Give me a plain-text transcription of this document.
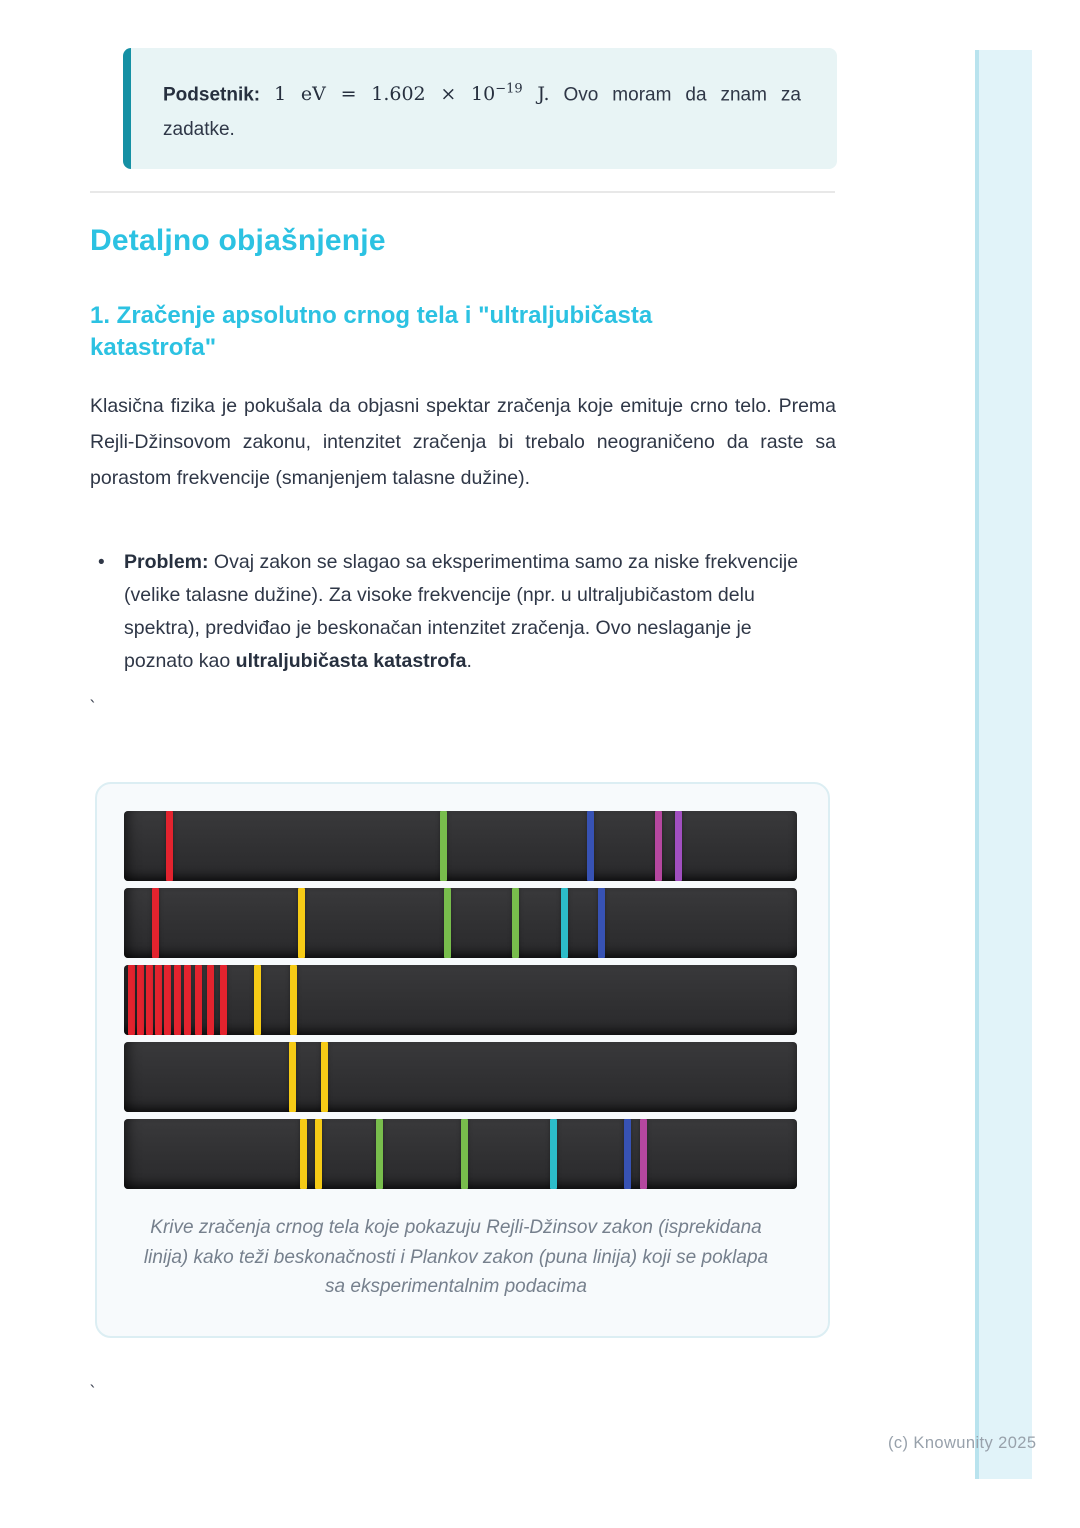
Podsetnik: 1 eV = $1.602 \times 10^{-19}$ J. Ovo moram da znam za
zadatke.
Detaljno objašnjenje
1. Zračenje apsolutno crnog tela i "ultraljubičasta katastrofa"

Klasična fizika je pokušala da objasni spektar zračenja koje emituje crno telo. Prema Rejli-Džinsovom zakonu, intenzitet zračenja bi trebalo neograničeno da raste sa porastom frekvencije (smanjenjem talasne dužine).

• Problem: Ovaj zakon se slagao sa eksperimentima samo za niske frekvencije (velike talasne dužine). Za visoke frekvencije (npr. u ultraljubičastom delu spektra), predviđao je beskonačan intenzitet zračenja. Ovo neslaganje je poznato kao ultraljubičasta katastrofa.
`
Krive zračenja crnog tela koje pokazuju Rejli-Džinsov zakon (isprekidana linija) kako teži beskonačnosti i Plankov zakon (puna linija) koji se poklapa sa eksperimentalnim podacima
`
(c) Knowunity 2025
